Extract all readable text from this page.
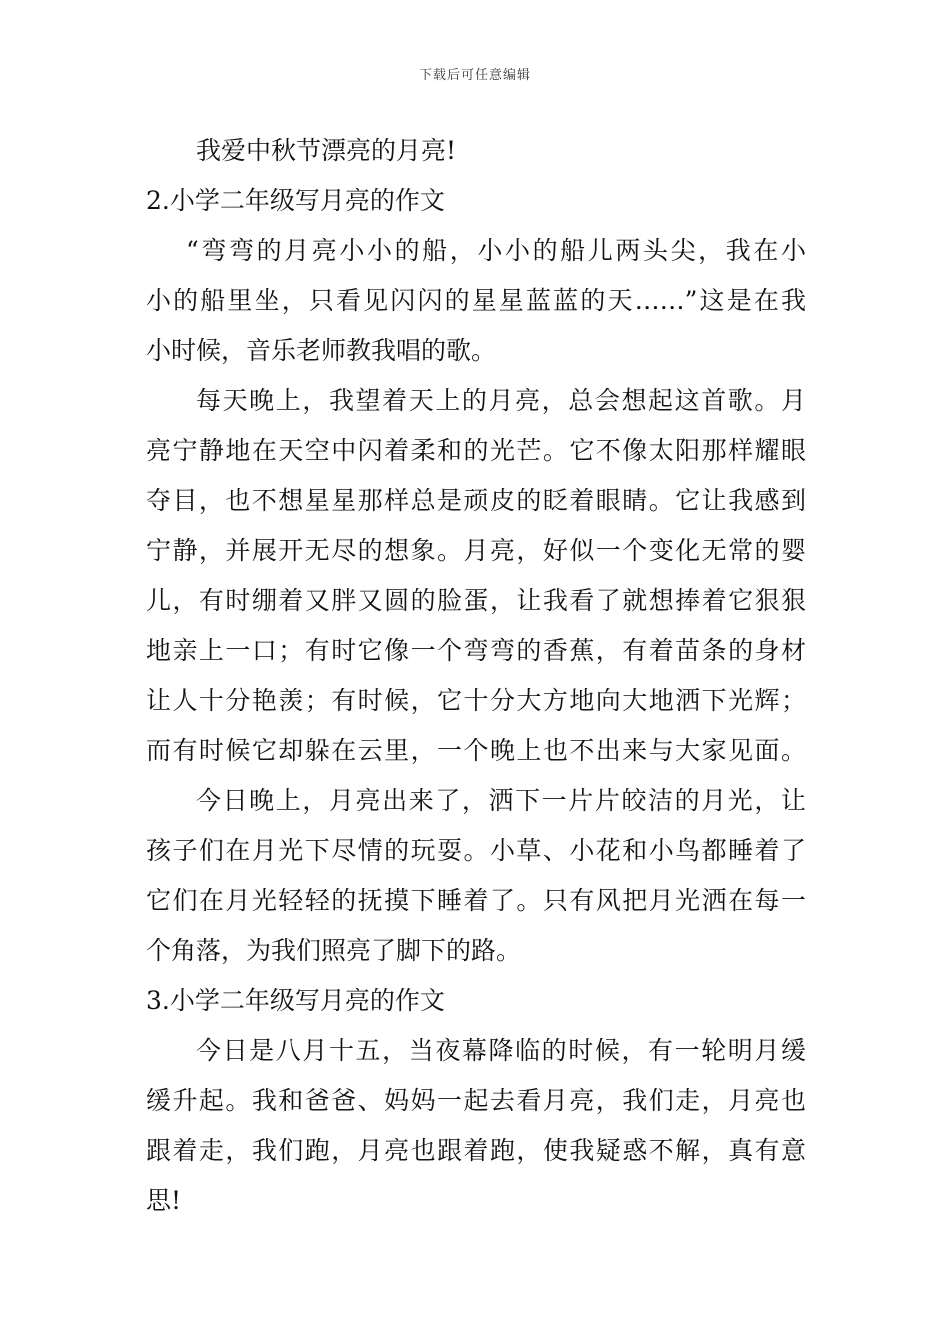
下载后可任意编辑
我爱中秋节漂亮的月亮!
2.小学二年级写月亮的作文
“弯弯的月亮小小的船，小小的船儿两头尖，我在小
小的船里坐，只看见闪闪的星星蓝蓝的天……”这是在我
小时候，音乐老师教我唱的歌。
每天晚上，我望着天上的月亮，总会想起这首歌。月
亮宁静地在天空中闪着柔和的光芒。它不像太阳那样耀眼
夺目，也不想星星那样总是顽皮的眨着眼睛。它让我感到
宁静，并展开无尽的想象。月亮，好似一个变化无常的婴
儿，有时绷着又胖又圆的脸蛋，让我看了就想捧着它狠狠
地亲上一口；有时它像一个弯弯的香蕉，有着苗条的身材
让人十分艳羡；有时候，它十分大方地向大地洒下光辉；
而有时候它却躲在云里，一个晚上也不出来与大家见面。
今日晚上，月亮出来了，洒下一片片皎洁的月光，让
孩子们在月光下尽情的玩耍。小草、小花和小鸟都睡着了
它们在月光轻轻的抚摸下睡着了。只有风把月光洒在每一
个角落，为我们照亮了脚下的路。
3.小学二年级写月亮的作文
今日是八月十五，当夜幕降临的时候，有一轮明月缓
缓升起。我和爸爸、妈妈一起去看月亮，我们走，月亮也
跟着走，我们跑，月亮也跟着跑，使我疑惑不解，真有意
思!
